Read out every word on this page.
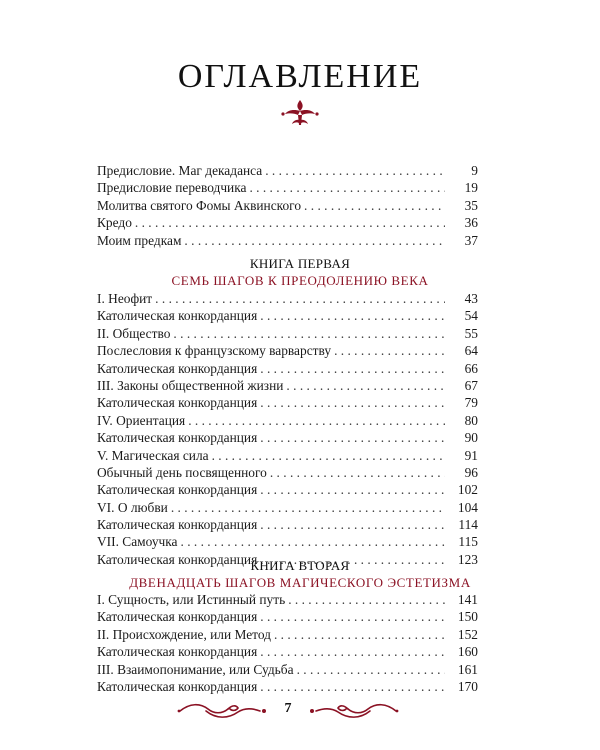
ОГЛАВЛЕНИЕ
Предисловие. Маг декаданса . . .	9
Предисловие переводчика . . .	19
Молитва святого Фомы Аквинского . . .	35
Кредо . . .	36
Моим предкам . . .	37
КНИГА ПЕРВАЯ
СЕМЬ ШАГОВ К ПРЕОДОЛЕНИЮ ВЕКА
I. Неофит . . .	43
Католическая конкорданция . . .	54
II. Общество . . .	55
Послесловия к французскому варварству . . .	64
Католическая конкорданция . . .	66
III. Законы общественной жизни . . .	67
Католическая конкорданция . . .	79
IV. Ориентация . . .	80
Католическая конкорданция . . .	90
V. Магическая сила . . .	91
Обычный день посвященного . . .	96
Католическая конкорданция . . .	102
VI. О любви . . .	104
Католическая конкорданция . . .	114
VII. Самоучка . . .	115
Католическая конкорданция . . .	123
КНИГА ВТОРАЯ
ДВЕНАДЦАТЬ ШАГОВ МАГИЧЕСКОГО ЭСТЕТИЗМА
I. Сущность, или Истинный путь . . .	141
Католическая конкорданция . . .	150
II. Происхождение, или Метод . . .	152
Католическая конкорданция . . .	160
III. Взаимопонимание, или Судьба . . .	161
Католическая конкорданция . . .	170
7
